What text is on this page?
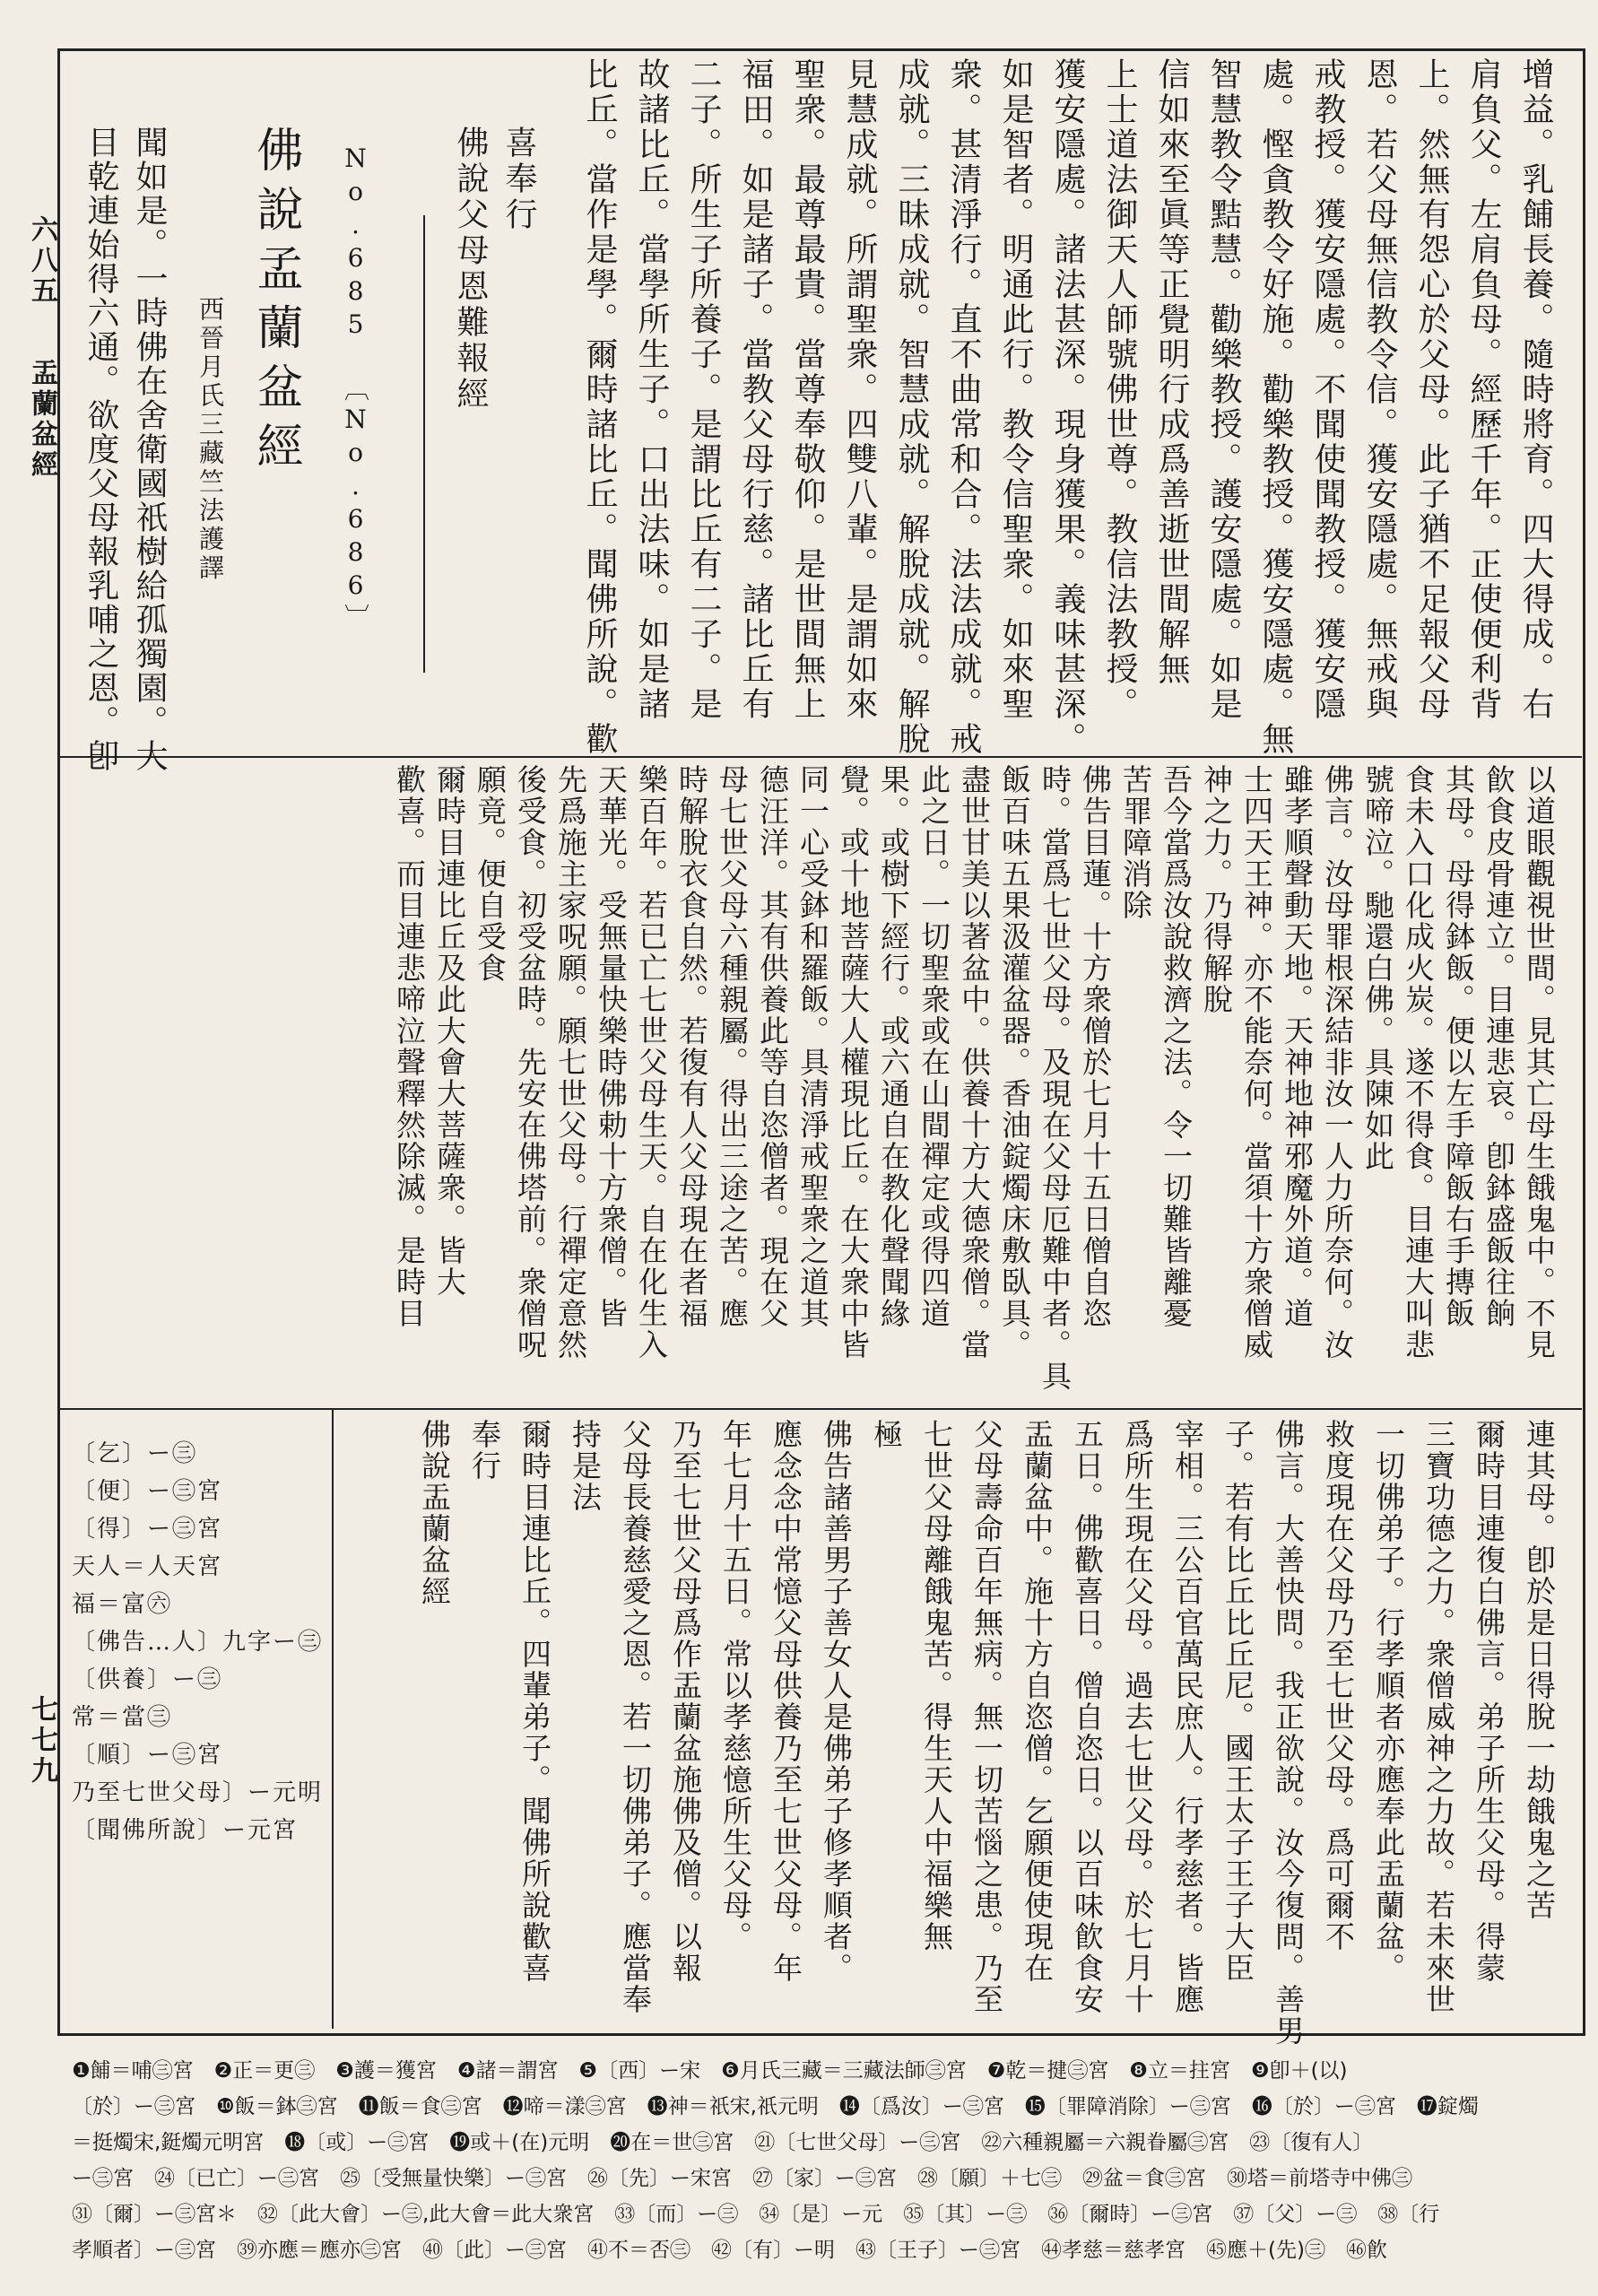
六八五
盂蘭盆經
七七九
佛說孟蘭盆經
西晉月氏三藏竺法護譯
聞如是。一時佛在舍衛國祇樹給孤獨園。大
目乾連始得六通。欲度父母報乳哺之恩。卽	No.685 〔No.686〕	佛說父母恩難報經 喜奉行	增益。乳餔長養。隨時將育。四大得成。右
肩負父。左肩負母。經歷千年。正使便利背
上。然無有怨心於父母。此子猶不足報父母
恩。若父母無信教令信。獲安隱處。無戒與
戒教授。獲安隱處。不聞使聞教授。獲安隱
處。慳貪教令好施。勸樂教授。獲安隱處。無
智慧教令黠慧。勸樂教授。護安隱處。如是
信如來至眞等正覺明行成爲善逝世間解無
上士道法御天人師號佛世尊。教信法教授。
獲安隱處。諸法甚深。現身獲果。義味甚深。
如是智者。明通此行。教令信聖衆。如來聖
衆。甚清淨行。直不曲常和合。法法成就。戒
成就。三昧成就。智慧成就。解脫成就。解脫
見慧成就。所謂聖衆。四雙八輩。是謂如來
聖衆。最尊最貴。當尊奉敬仰。是世間無上
福田。如是諸子。當教父母行慈。諸比丘有
二子。所生子所養子。是謂比丘有二子。是
故諸比丘。當學所生子。口出法味。如是諸
比丘。當作是學。爾時諸比丘。聞佛所說。歡
以道眼觀視世間。見其亡母生餓鬼中。不見
飮食皮骨連立。目連悲哀。卽鉢盛飯往餉
其母。母得鉢飯。便以左手障飯右手摶飯
食未入口化成火炭。遂不得食。目連大叫悲
號啼泣。馳還白佛。具陳如此
佛言。汝母罪根深結非汝一人力所奈何。汝
雖孝順聲動天地。天神地神邪魔外道。道
士四天王神。亦不能奈何。當須十方衆僧威
神之力。乃得解脫
吾今當爲汝說救濟之法。令一切難皆離憂
苦罪障消除
佛告目蓮。十方衆僧於七月十五日僧自恣
時。當爲七世父母。及現在父母厄難中者。具
飯百味五果汲灌盆器。香油錠燭床敷臥具。
盡世甘美以著盆中。供養十方大德衆僧。當
此之日。一切聖衆或在山間禪定或得四道
果。或樹下經行。或六通自在教化聲聞緣
覺。或十地菩薩大人權現比丘。在大衆中皆
同一心受鉢和羅飯。具清淨戒聖衆之道其
德汪洋。其有供養此等自恣僧者。現在父
母七世父母六種親屬。得出三途之苦。應
時解脫衣食自然。若復有人父母現在者福
樂百年。若已亡七世父母生天。自在化生入
天華光。受無量快樂時佛勅十方衆僧。皆
先爲施主家呪願。願七世父母。行禪定意然
後受食。初受盆時。先安在佛塔前。衆僧呪
願竟。便自受食
爾時目連比丘及此大會大菩薩衆。皆大
歡喜。而目連悲啼泣聲釋然除滅。是時目
連其母。卽於是日得脫一劫餓鬼之苦
爾時目連復白佛言。弟子所生父母。得蒙
三寶功德之力。衆僧威神之力故。若未來世
一切佛弟子。行孝順者亦應奉此盂蘭盆。
救度現在父母乃至七世父母。爲可爾不
佛言。大善快問。我正欲說。汝今復問。善男
子。若有比丘比丘尼。國王太子王子大臣
宰相。三公百官萬民庶人。行孝慈者。皆應
爲所生現在父母。過去七世父母。於七月十
五日。佛歡喜日。僧自恣日。以百味飮食安
盂蘭盆中。施十方自恣僧。乞願便使現在
父母壽命百年無病。無一切苦惱之患。乃至
七世父母離餓鬼苦。得生天人中福樂無
極
佛告諸善男子善女人是佛弟子修孝順者。
應念念中常憶父母供養乃至七世父母。年
年七月十五日。常以孝慈憶所生父母。
乃至七世父母爲作盂蘭盆施佛及僧。以報
父母長養慈愛之恩。若一切佛弟子。應當奉
持是法
爾時目連比丘。四輩弟子。聞佛所說歡喜
奉行
佛說盂蘭盆經
〔乞〕ー㊂
〔便〕ー㊂宮
〔得〕ー㊂宮
天人＝人天宮
福＝富㊅
〔佛告…人〕九字ー㊂
〔供養〕ー㊂
常＝當㊂
〔順〕ー㊂宮
乃至七世父母〕ー元明
〔聞佛所說〕ー元宮
❶餔＝哺㊂宮　❷正＝更㊂　❸護＝獲宮　❹諸＝謂宮　❺〔西〕ー宋　❻月氏三藏＝三藏法師㊂宮　❼乾＝揵㊂宮　❽立＝拄宮　❾卽＋(以)
〔於〕ー㊂宮　❿飯＝鉢㊂宮　⓫飯＝食㊂宮　⓬啼＝漾㊂宮　⓭神＝祇宋,祇元明　⓮〔爲汝〕ー㊂宮　⓯〔罪障消除〕ー㊂宮　⓰〔於〕ー㊂宮　⓱錠燭
＝挺燭宋,鋌燭元明宮　⓲〔或〕ー㊂宮　⓳或＋(在)元明　⓴在＝世㊂宮　㉑〔七世父母〕ー㊂宮　㉒六種親屬＝六親眷屬㊂宮　㉓〔復有人〕
ー㊂宮　㉔〔已亡〕ー㊂宮　㉕〔受無量快樂〕ー㊂宮　㉖〔先〕ー宋宮　㉗〔家〕ー㊂宮　㉘〔願〕＋七㊂　㉙盆＝食㊂宮　㉚塔＝前塔寺中佛㊂
㉛〔爾〕ー㊂宮＊　㉜〔此大會〕ー㊂,此大會＝此大衆宮　㉝〔而〕ー㊂　㉞〔是〕ー元　㉟〔其〕ー㊂　㊱〔爾時〕ー㊂宮　㊲〔父〕ー㊂　㊳〔行
孝順者〕ー㊂宮　㊴亦應＝應亦㊂宮　㊵〔此〕ー㊂宮　㊶不＝否㊂　㊷〔有〕ー明　㊸〔王子〕ー㊂宮　㊹孝慈＝慈孝宮　㊺應＋(先)㊂　㊻飮
